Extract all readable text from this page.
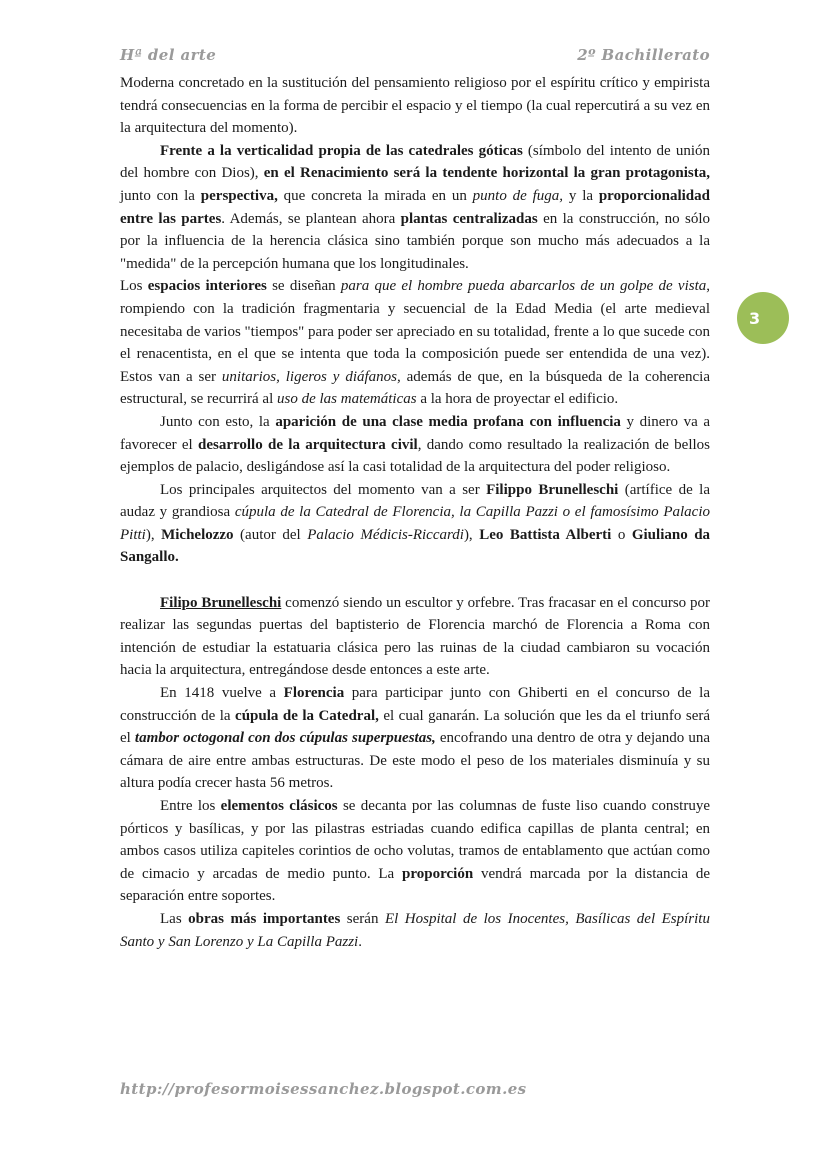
Hª del arte	2º Bachillerato
3

Moderna concretado en la sustitución del pensamiento religioso por el espíritu crítico y empirista tendrá consecuencias en la forma de percibir el espacio y el tiempo (la cual repercutirá a su vez en la arquitectura del momento).

Frente a la verticalidad propia de las catedrales góticas (símbolo del intento de unión del hombre con Dios), en el Renacimiento será la tendente horizontal la gran protagonista, junto con la perspectiva, que concreta la mirada en un punto de fuga, y la proporcionalidad entre las partes. Además, se plantean ahora plantas centralizadas en la construcción, no sólo por la influencia de la herencia clásica sino también porque son mucho más adecuados a la "medida" de la percepción humana que los longitudinales.

Los espacios interiores se diseñan para que el hombre pueda abarcarlos de un golpe de vista, rompiendo con la tradición fragmentaria y secuencial de la Edad Media (el arte medieval necesitaba de varios "tiempos" para poder ser apreciado en su totalidad, frente a lo que sucede con el renacentista, en el que se intenta que toda la composición puede ser entendida de una vez). Estos van a ser unitarios, ligeros y diáfanos, además de que, en la búsqueda de la coherencia estructural, se recurrirá al uso de las matemáticas a la hora de proyectar el edificio.

Junto con esto, la aparición de una clase media profana con influencia y dinero va a favorecer el desarrollo de la arquitectura civil, dando como resultado la realización de bellos ejemplos de palacio, desligándose así la casi totalidad de la arquitectura del poder religioso.

Los principales arquitectos del momento van a ser Filippo Brunelleschi (artífice de la audaz y grandiosa cúpula de la Catedral de Florencia, la Capilla Pazzi o el famosísimo Palacio Pitti), Michelozzo (autor del Palacio Médicis-Riccardi), Leo Battista Alberti o Giuliano da Sangallo.

Filipo Brunelleschi comenzó siendo un escultor y orfebre. Tras fracasar en el concurso por realizar las segundas puertas del baptisterio de Florencia marchó de Florencia a Roma con intención de estudiar la estatuaria clásica pero las ruinas de la ciudad cambiaron su vocación hacia la arquitectura, entregándose desde entonces a este arte.

En 1418 vuelve a Florencia para participar junto con Ghiberti en el concurso de la construcción de la cúpula de la Catedral, el cual ganarán. La solución que les da el triunfo será el tambor octogonal con dos cúpulas superpuestas, encofrando una dentro de otra y dejando una cámara de aire entre ambas estructuras. De este modo el peso de los materiales disminuía y su altura podía crecer hasta 56 metros.

Entre los elementos clásicos se decanta por las columnas de fuste liso cuando construye pórticos y basílicas, y por las pilastras estriadas cuando edifica capillas de planta central; en ambos casos utiliza capiteles corintios de ocho volutas, tramos de entablamento que actúan como de cimacio y arcadas de medio punto. La proporción vendrá marcada por la distancia de separación entre soportes.

Las obras más importantes serán El Hospital de los Inocentes, Basílicas del Espíritu Santo y San Lorenzo y La Capilla Pazzi.

http://profesormoisessanchez.blogspot.com.es
